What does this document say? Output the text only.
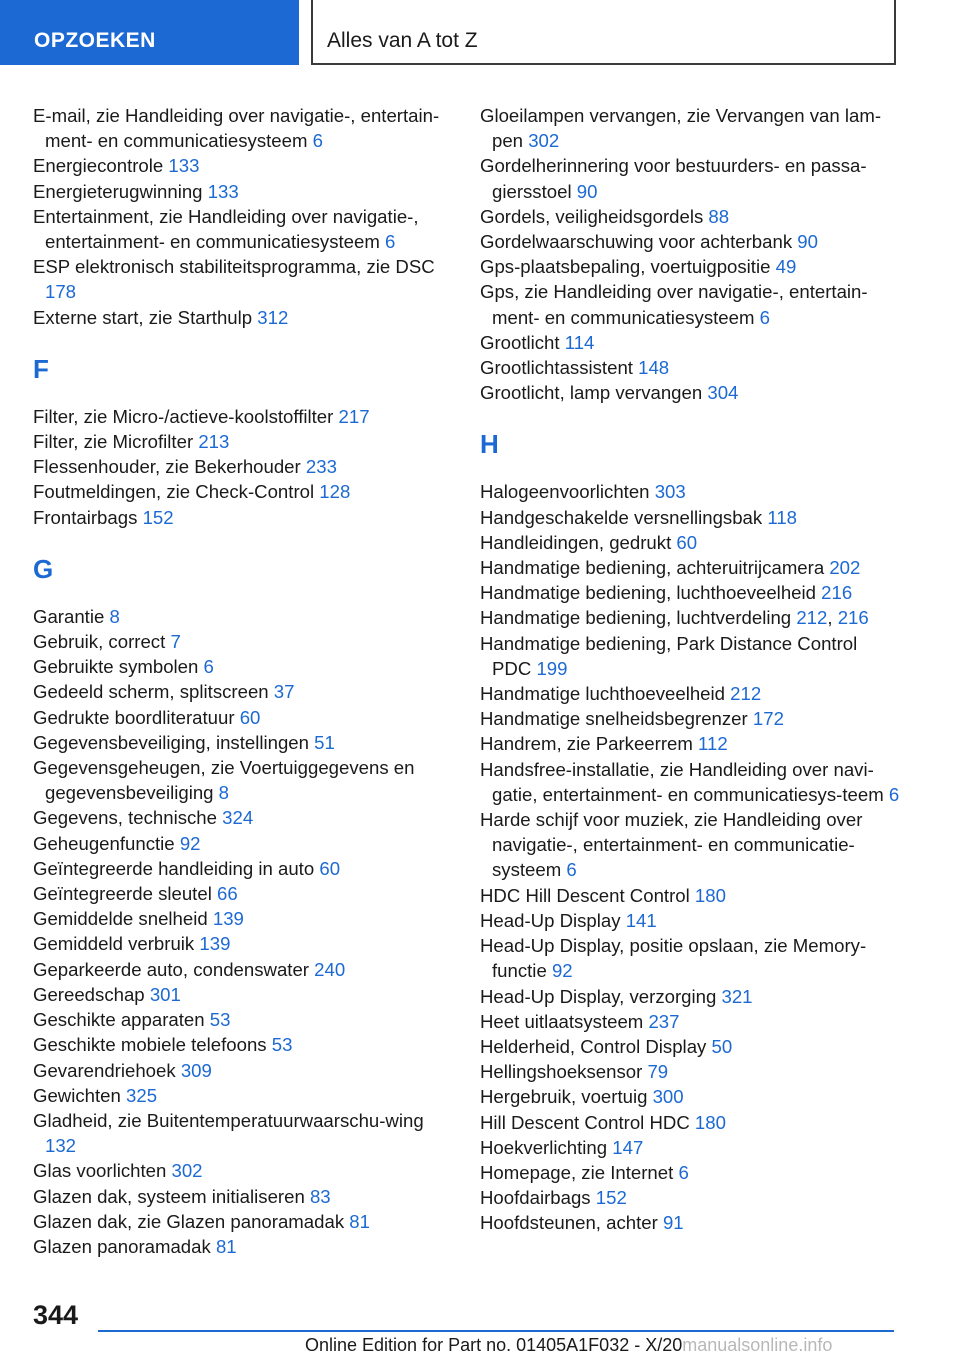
OPZOEKEN	Alles van A tot Z

E-mail, zie Handleiding over navigatie-, entertain‐ment- en communicatiesysteem 6

Energiecontrole 133

Energieterugwinning 133

Entertainment, zie Handleiding over navigatie-, entertainment- en communicatiesysteem 6

ESP elektronisch stabiliteitsprogramma, zie DSC 178

Externe start, zie Starthulp 312

F

Filter, zie Micro-/actieve-koolstoffilter 217

Filter, zie Microfilter 213

Flessenhouder, zie Bekerhouder 233

Foutmeldingen, zie Check-Control 128

Frontairbags 152

G

Garantie 8

Gebruik, correct 7

Gebruikte symbolen 6

Gedeeld scherm, splitscreen 37

Gedrukte boordliteratuur 60

Gegevensbeveiliging, instellingen 51

Gegevensgeheugen, zie Voertuiggegevens en gegevensbeveiliging 8

Gegevens, technische 324

Geheugenfunctie 92

Geïntegreerde handleiding in auto 60

Geïntegreerde sleutel 66

Gemiddelde snelheid 139

Gemiddeld verbruik 139

Geparkeerde auto, condenswater 240

Gereedschap 301

Geschikte apparaten 53

Geschikte mobiele telefoons 53

Gevarendriehoek 309

Gewichten 325

Gladheid, zie Buitentemperatuurwaarschu‐wing 132

Glas voorlichten 302

Glazen dak, systeem initialiseren 83

Glazen dak, zie Glazen panoramadak 81

Glazen panoramadak 81

Gloeilampen vervangen, zie Vervangen van lam‐pen 302

Gordelherinnering voor bestuurders- en passa‐giersstoel 90

Gordels, veiligheidsgordels 88

Gordelwaarschuwing voor achterbank 90

Gps-plaatsbepaling, voertuigpositie 49

Gps, zie Handleiding over navigatie-, entertain‐ment- en communicatiesysteem 6

Grootlicht 114

Grootlichtassistent 148

Grootlicht, lamp vervangen 304

H

Halogeenvoorlichten 303

Handgeschakelde versnellingsbak 118

Handleidingen, gedrukt 60

Handmatige bediening, achteruitrijcamera 202

Handmatige bediening, luchthoeveelheid 216

Handmatige bediening, luchtverdeling 212, 216

Handmatige bediening, Park Distance Control PDC 199

Handmatige luchthoeveelheid 212

Handmatige snelheidsbegrenzer 172

Handrem, zie Parkeerrem 112

Handsfree-installatie, zie Handleiding over navi‐gatie, entertainment- en communicatiesys‐teem 6

Harde schijf voor muziek, zie Handleiding over navigatie-, entertainment- en communicatie‐systeem 6

HDC Hill Descent Control 180

Head-Up Display 141

Head-Up Display, positie opslaan, zie Memory-functie 92

Head-Up Display, verzorging 321

Heet uitlaatsysteem 237

Helderheid, Control Display 50

Hellingshoeksensor 79

Hergebruik, voertuig 300

Hill Descent Control HDC 180

Hoekverlichting 147

Homepage, zie Internet 6

Hoofdairbags 152

Hoofdsteunen, achter 91

344
Online Edition for Part no. 01405A1F032 - X/20manualsonline.info
